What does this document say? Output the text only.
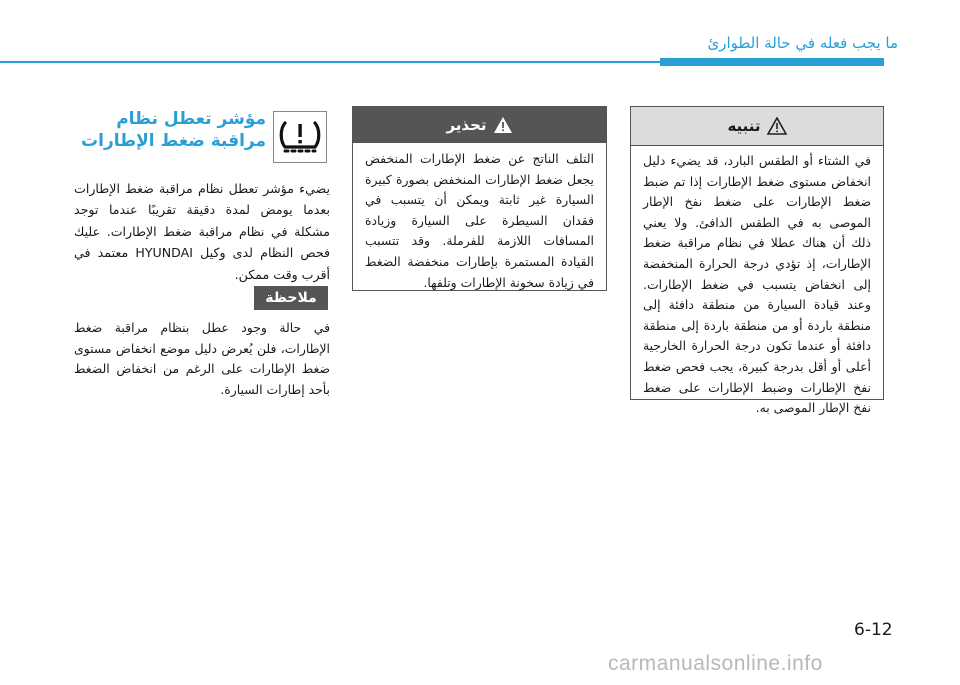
ما يجب فعله في حالة الطوارئ
تنبيه
في الشتاء أو الطقس البارد، قد يضيء دليل انخفاض مستوى ضغط الإطارات إذا تم ضبط ضغط الإطارات على ضغط نفخ الإطار الموصى به في الطقس الدافئ. ولا يعني ذلك أن هناك عطلا في نظام مراقبة ضغط الإطارات، إذ تؤدي درجة الحرارة المنخفضة إلى انخفاض يتسبب في ضغط الإطارات. وعند قيادة السيارة من منطقة دافئة إلى منطقة باردة أو من منطقة باردة إلى منطقة دافئة أو عندما تكون درجة الحرارة الخارجية أعلى أو أقل بدرجة كبيرة، يجب فحص ضغط نفخ الإطارات وضبط الإطارات على ضغط نفخ الإطار الموصى به.
تحذير
التلف الناتج عن ضغط الإطارات المنخفض يجعل ضغط الإطارات المنخفض بصورة كبيرة السيارة غير ثابتة ويمكن أن يتسبب في فقدان السيطرة على السيارة وزيادة المسافات اللازمة للفرملة. وقد تتسبب القيادة المستمرة بإطارات منخفضة الضغط في زيادة سخونة الإطارات وتلفها.
مؤشر تعطل نظام مراقبة ضغط الإطارات
يضيء مؤشر تعطل نظام مراقبة ضغط الإطارات بعدما يومض لمدة دقيقة تقريبًا عندما توجد مشكلة في نظام مراقبة ضغط الإطارات. عليك فحص النظام لدى وكيل HYUNDAI معتمد في أقرب وقت ممكن.
ملاحظة
في حالة وجود عطل بنظام مراقبة ضغط الإطارات، فلن يُعرض دليل موضع انخفاض مستوى ضغط الإطارات على الرغم من انخفاض الضغط بأحد إطارات السيارة.
6-12
carmanualsonline.info
